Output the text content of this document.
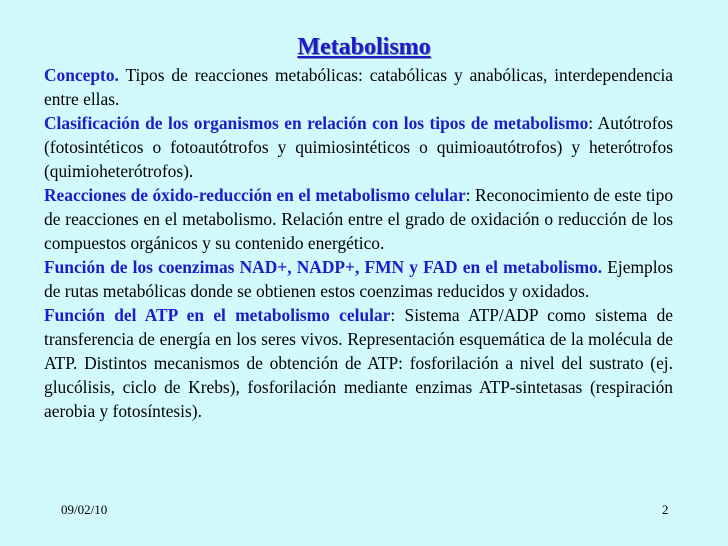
Metabolismo

Concepto. Tipos de reacciones metabólicas: catabólicas y anabólicas, interdependencia entre ellas.

Clasificación de los organismos en relación con los tipos de metabolismo: Autótrofos (fotosintéticos o fotoautótrofos y quimiosintéticos o quimioautótrofos) y heterótrofos (quimioheterótrofos).

Reacciones de óxido-reducción en el metabolismo celular: Reconocimiento de este tipo de reacciones en el metabolismo. Relación entre el grado de oxidación o reducción de los compuestos orgánicos y su contenido energético.

Función de los coenzimas NAD+, NADP+, FMN y FAD en el metabolismo. Ejemplos de rutas metabólicas donde se obtienen estos coenzimas reducidos y oxidados.

Función del ATP en el metabolismo celular: Sistema ATP/ADP como sistema de transferencia de energía en los seres vivos. Representación esquemática de la molécula de ATP. Distintos mecanismos de obtención de ATP: fosforilación a nivel del sustrato (ej. glucólisis, ciclo de Krebs), fosforilación mediante enzimas ATP-sintetasas (respiración aerobia y fotosíntesis).

09/02/10	2
